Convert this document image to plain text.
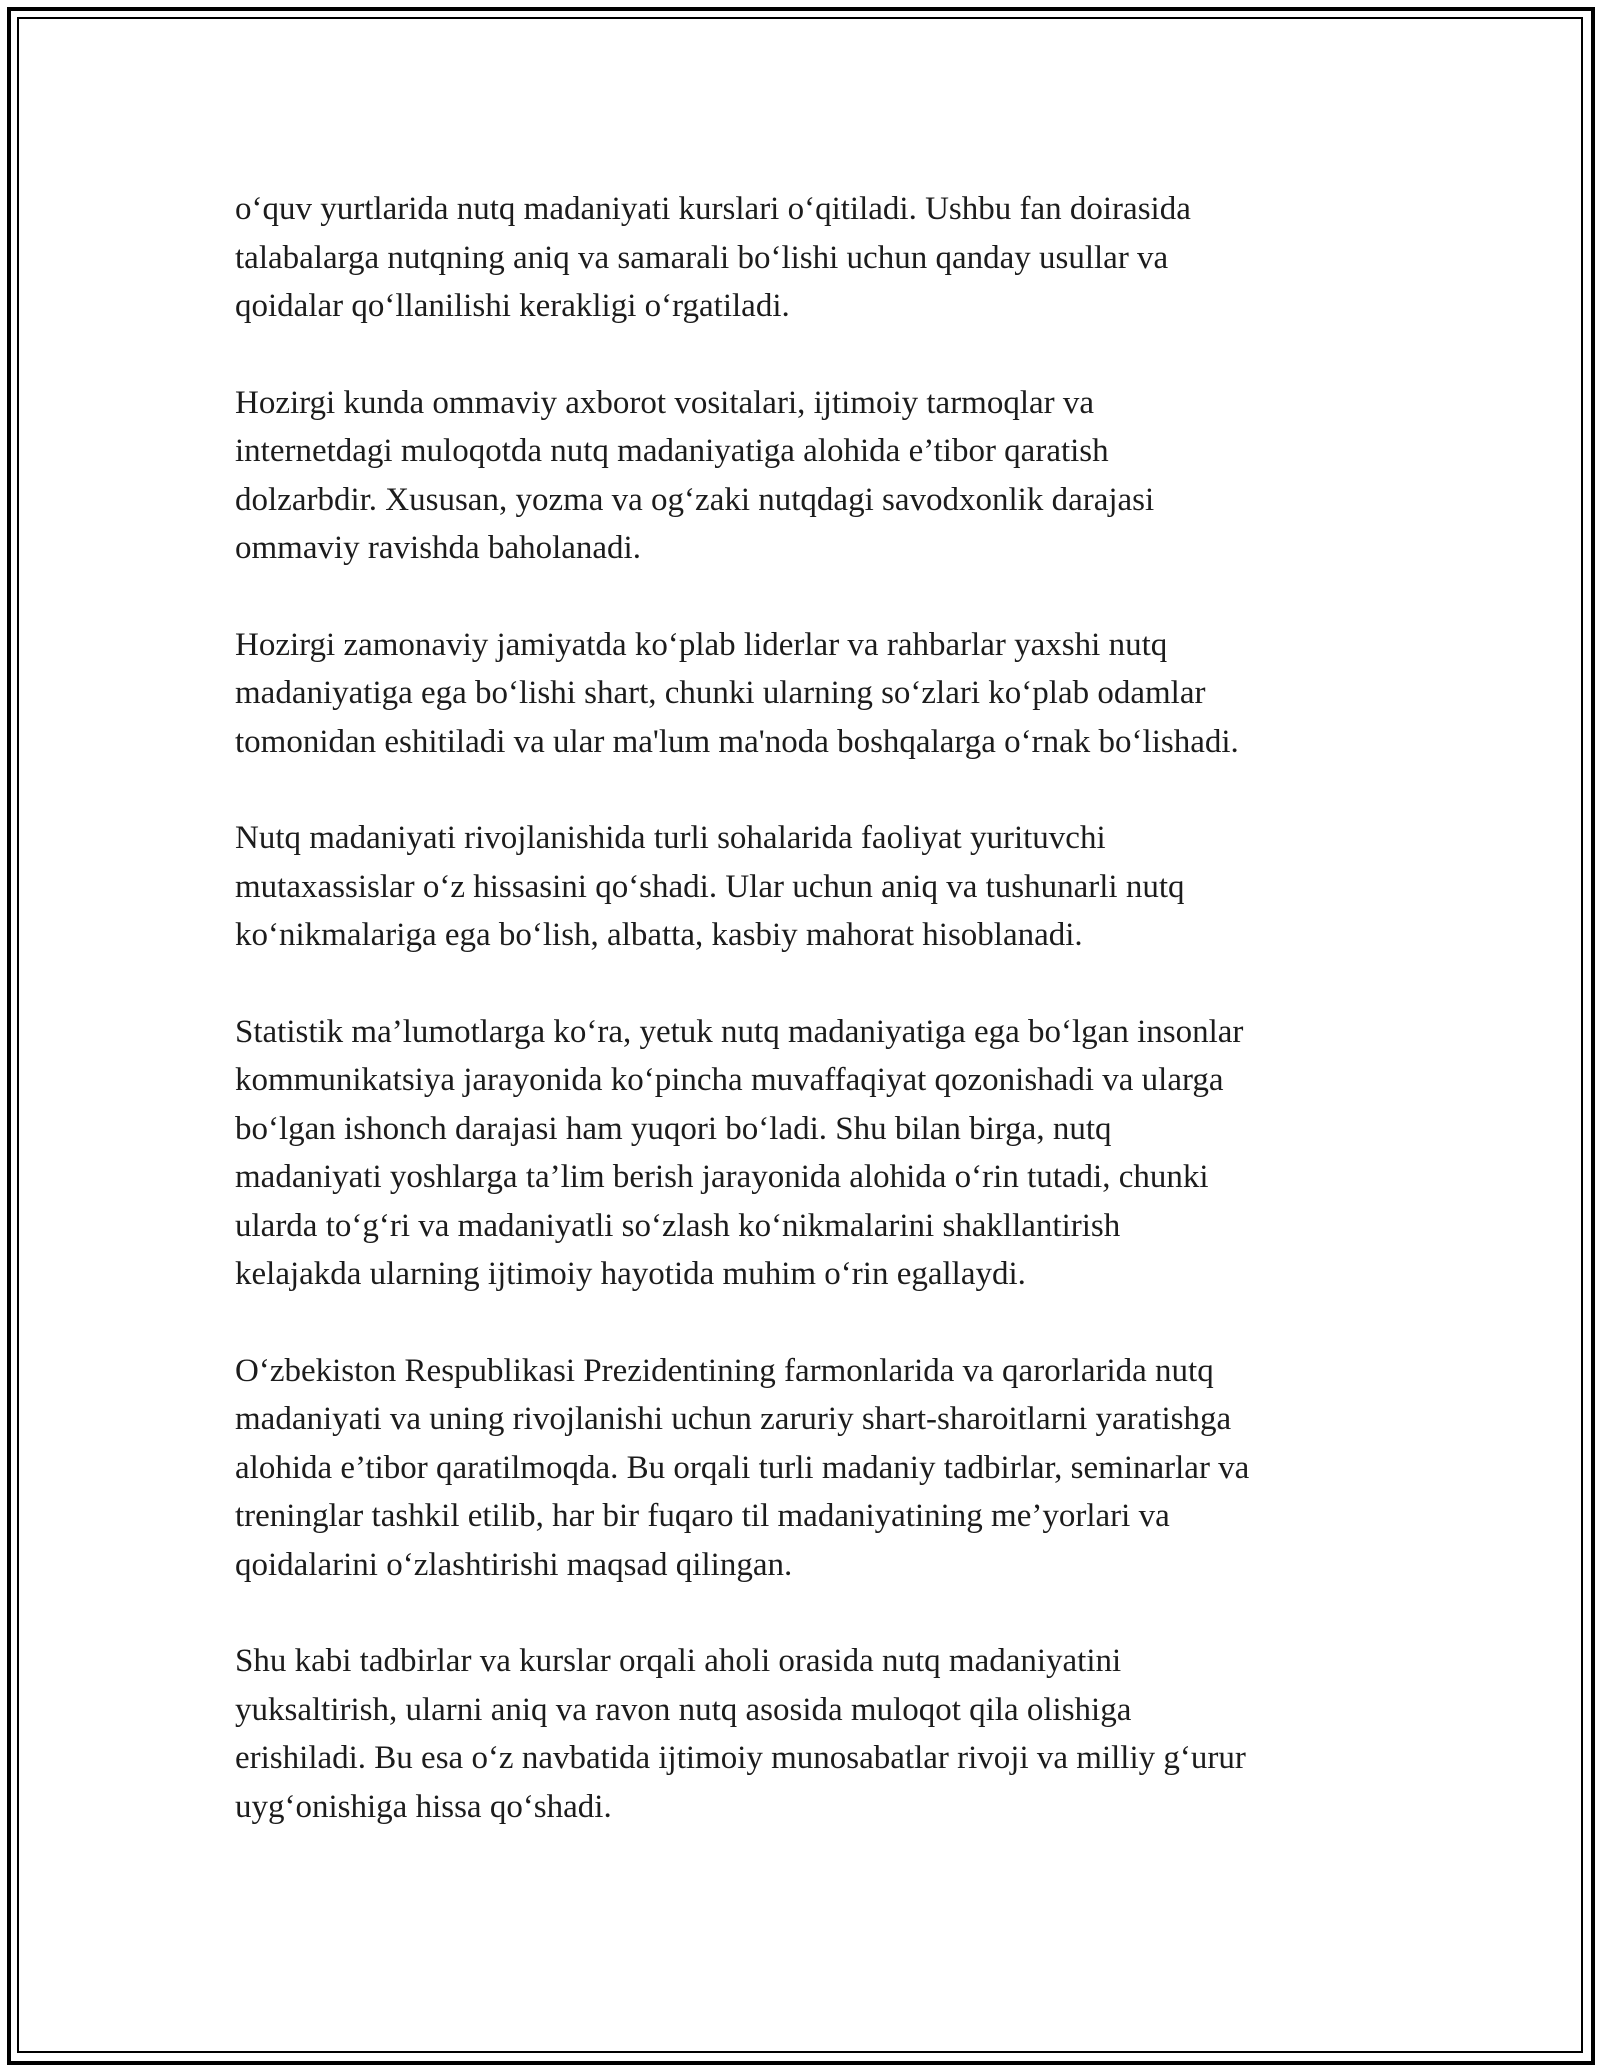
o‘quv yurtlarida nutq madaniyati kurslari o‘qitiladi. Ushbu fan doirasida
talabalarga nutqning aniq va samarali bo‘lishi uchun qanday usullar va
qoidalar qo‘llanilishi kerakligi o‘rgatiladi.

Hozirgi kunda ommaviy axborot vositalari, ijtimoiy tarmoqlar va
internetdagi muloqotda nutq madaniyatiga alohida e’tibor qaratish
dolzarbdir. Xususan, yozma va og‘zaki nutqdagi savodxonlik darajasi
ommaviy ravishda baholanadi.

Hozirgi zamonaviy jamiyatda ko‘plab liderlar va rahbarlar yaxshi nutq
madaniyatiga ega bo‘lishi shart, chunki ularning so‘zlari ko‘plab odamlar
tomonidan eshitiladi va ular ma'lum ma'noda boshqalarga o‘rnak bo‘lishadi.

Nutq madaniyati rivojlanishida turli sohalarida faoliyat yurituvchi
mutaxassislar o‘z hissasini qo‘shadi. Ular uchun aniq va tushunarli nutq
ko‘nikmalariga ega bo‘lish, albatta, kasbiy mahorat hisoblanadi.

Statistik ma’lumotlarga ko‘ra, yetuk nutq madaniyatiga ega bo‘lgan insonlar
kommunikatsiya jarayonida ko‘pincha muvaffaqiyat qozonishadi va ularga
bo‘lgan ishonch darajasi ham yuqori bo‘ladi. Shu bilan birga, nutq
madaniyati yoshlarga ta’lim berish jarayonida alohida o‘rin tutadi, chunki
ularda to‘g‘ri va madaniyatli so‘zlash ko‘nikmalarini shakllantirish
kelajakda ularning ijtimoiy hayotida muhim o‘rin egallaydi.

O‘zbekiston Respublikasi Prezidentining farmonlarida va qarorlarida nutq
madaniyati va uning rivojlanishi uchun zaruriy shart-sharoitlarni yaratishga
alohida e’tibor qaratilmoqda. Bu orqali turli madaniy tadbirlar, seminarlar va
treninglar tashkil etilib, har bir fuqaro til madaniyatining me’yorlari va
qoidalarini o‘zlashtirishi maqsad qilingan.

Shu kabi tadbirlar va kurslar orqali aholi orasida nutq madaniyatini
yuksaltirish, ularni aniq va ravon nutq asosida muloqot qila olishiga
erishiladi. Bu esa o‘z navbatida ijtimoiy munosabatlar rivoji va milliy g‘urur
uyg‘onishiga hissa qo‘shadi.
